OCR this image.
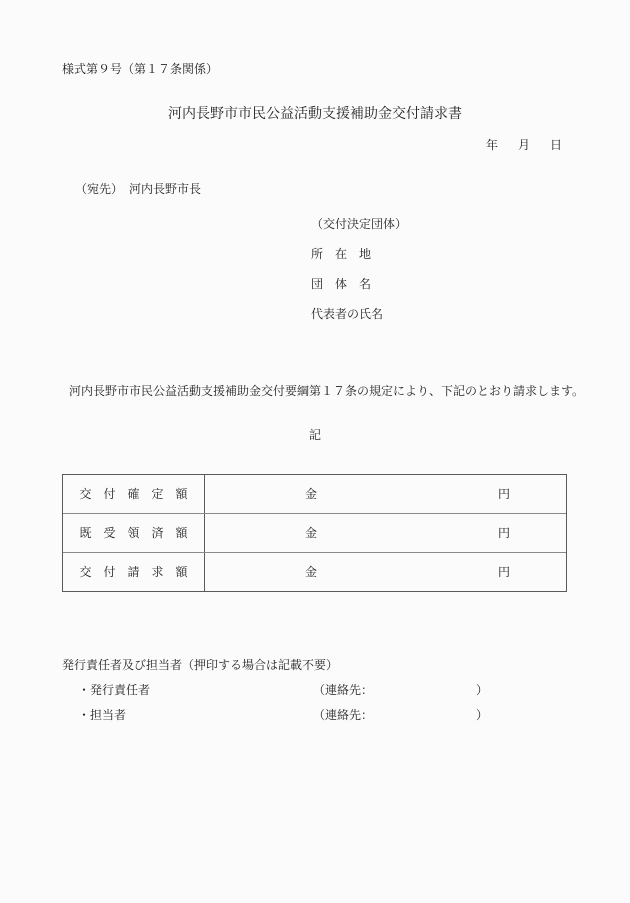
様式第９号（第１７条関係）
河内長野市市民公益活動支援補助金交付請求書
年　月　日
（宛先）　河内長野市長
（交付決定団体）
所　在　地
団　体　名
代表者の氏名
河内長野市市民公益活動支援補助金交付要綱第１７条の規定により、下記のとおり請求します。
記
交　付　確　定　額	金	円
既　受　領　済　額	金	円
交　付　請　求　額	金	円
発行責任者及び担当者（押印する場合は記載不要）
・発行責任者	（連絡先：	）
・担当者	（連絡先：	）
